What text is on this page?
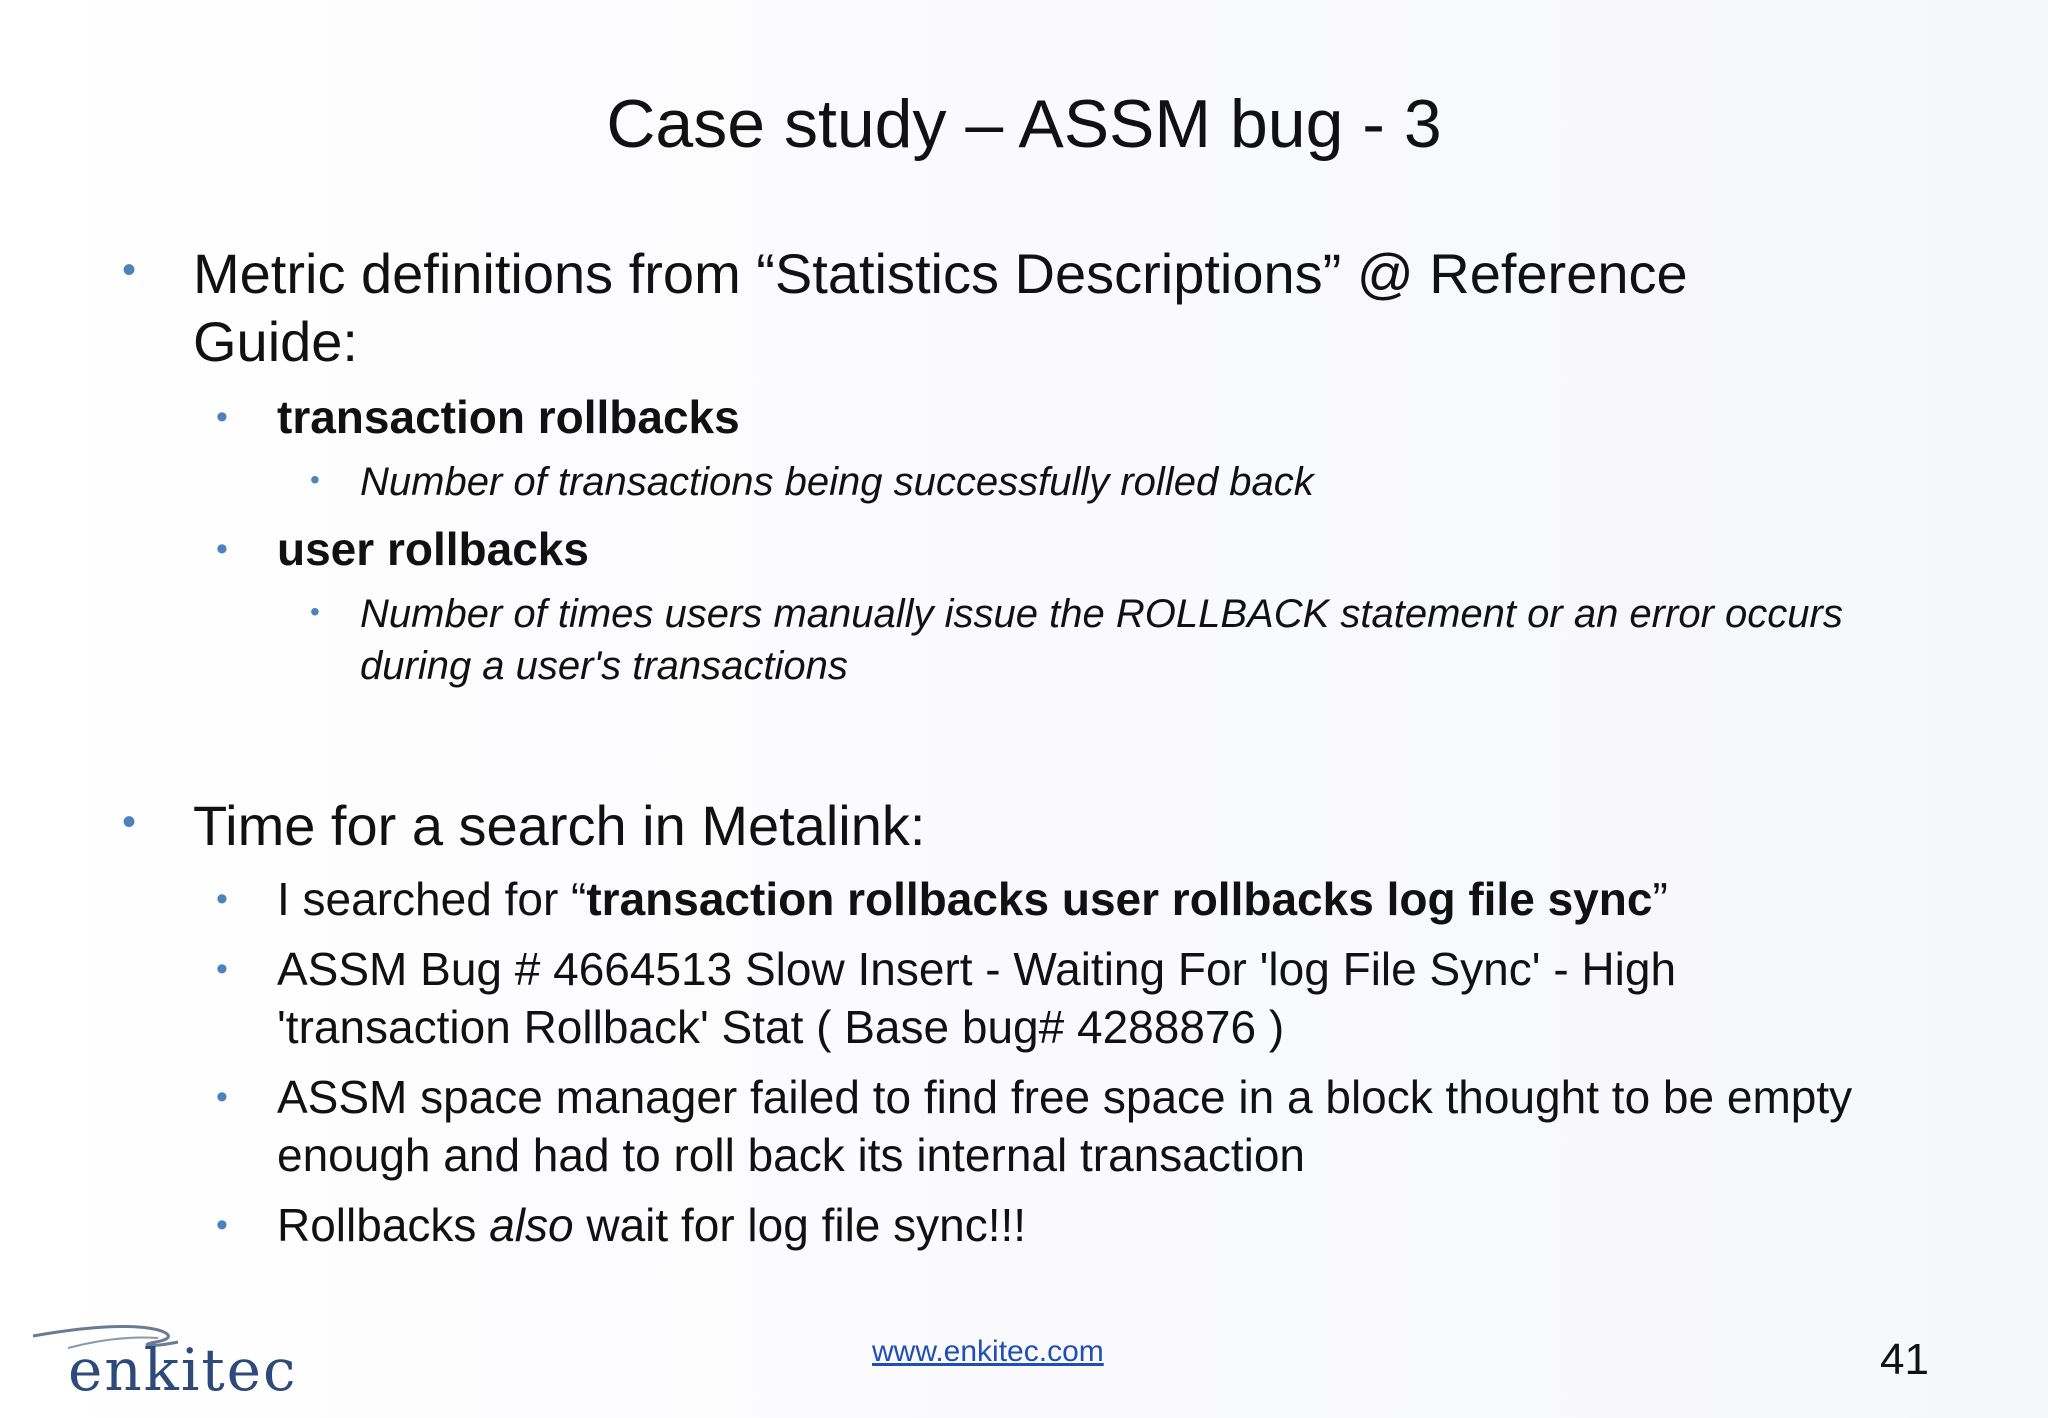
Case study – ASSM bug - 3
• Metric definitions from “Statistics Descriptions” @ Reference
Guide:
• transaction rollbacks
• Number of transactions being successfully rolled back
• user rollbacks
• Number of times users manually issue the ROLLBACK statement or an error occurs
during a user's transactions
• Time for a search in Metalink:
• I searched for “transaction rollbacks user rollbacks log file sync”
• ASSM Bug # 4664513 Slow Insert - Waiting For 'log File Sync' - High
'transaction Rollback' Stat ( Base bug# 4288876 )
• ASSM space manager failed to find free space in a block thought to be empty
enough and had to roll back its internal transaction
• Rollbacks also wait for log file sync!!!
enkitec	www.enkitec.com	41
